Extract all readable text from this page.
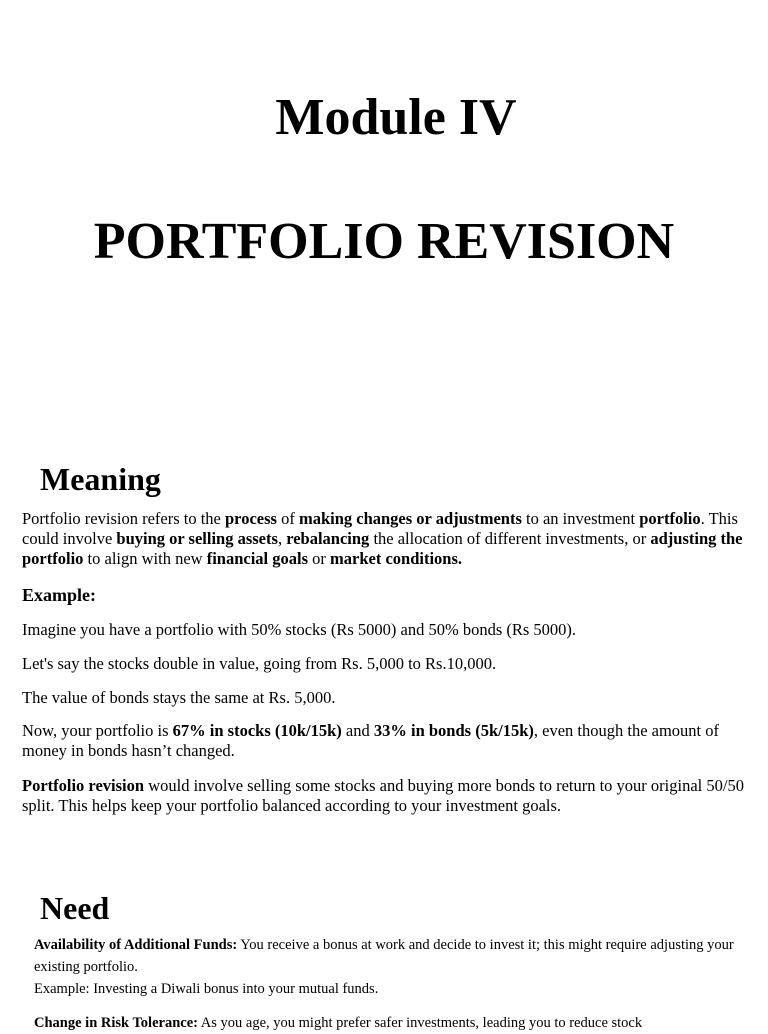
Module IV
PORTFOLIO REVISION
Meaning

Portfolio revision refers to the process of making changes or adjustments to an investment portfolio. This could involve buying or selling assets, rebalancing the allocation of different investments, or adjusting the portfolio to align with new financial goals or market conditions.

Example:

Imagine you have a portfolio with 50% stocks (Rs 5000) and 50% bonds (Rs 5000).

Let's say the stocks double in value, going from Rs. 5,000 to Rs.10,000.

The value of bonds stays the same at Rs. 5,000.

Now, your portfolio is 67% in stocks (10k/15k) and 33% in bonds (5k/15k), even though the amount of money in bonds hasn’t changed.

Portfolio revision would involve selling some stocks and buying more bonds to return to your original 50/50 split. This helps keep your portfolio balanced according to your investment goals.

Need
Availability of Additional Funds: You receive a bonus at work and decide to invest it; this might require adjusting your existing portfolio.
Example: Investing a Diwali bonus into your mutual funds.
Change in Risk Tolerance: As you age, you might prefer safer investments, leading you to reduce stock
